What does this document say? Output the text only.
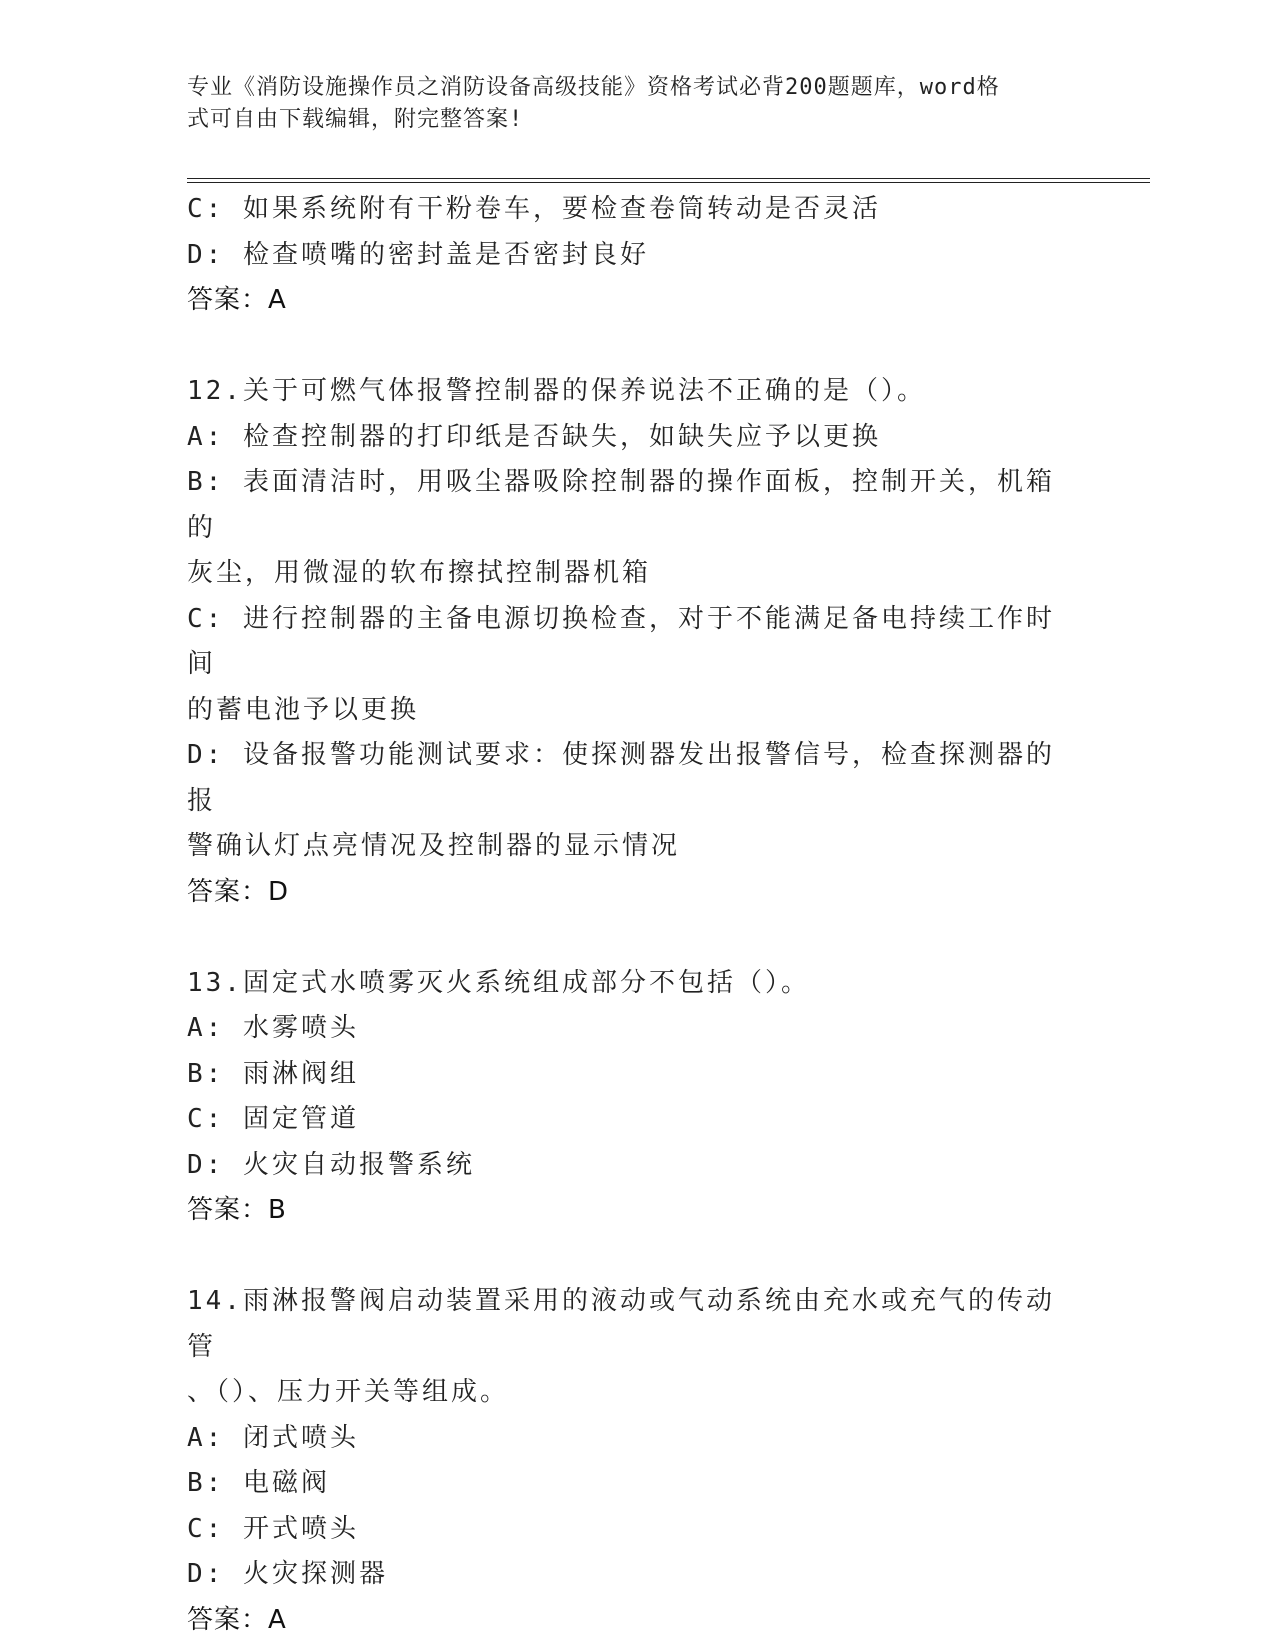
专业《消防设施操作员之消防设备高级技能》资格考试必背200题题库，word格
式可自由下载编辑，附完整答案!
C: 如果系统附有干粉卷车，要检查卷筒转动是否灵活
D: 检查喷嘴的密封盖是否密封良好
答案：A
12.关于可燃气体报警控制器的保养说法不正确的是（）。
A: 检查控制器的打印纸是否缺失，如缺失应予以更换
B: 表面清洁时，用吸尘器吸除控制器的操作面板，控制开关，机箱的
灰尘，用微湿的软布擦拭控制器机箱
C: 进行控制器的主备电源切换检查，对于不能满足备电持续工作时间
的蓄电池予以更换
D: 设备报警功能测试要求：使探测器发出报警信号，检查探测器的报
警确认灯点亮情况及控制器的显示情况
答案：D
13.固定式水喷雾灭火系统组成部分不包括（）。
A: 水雾喷头
B: 雨淋阀组
C: 固定管道
D: 火灾自动报警系统
答案：B
14.雨淋报警阀启动装置采用的液动或气动系统由充水或充气的传动管
、（）、压力开关等组成。
A: 闭式喷头
B: 电磁阀
C: 开式喷头
D: 火灾探测器
答案：A
